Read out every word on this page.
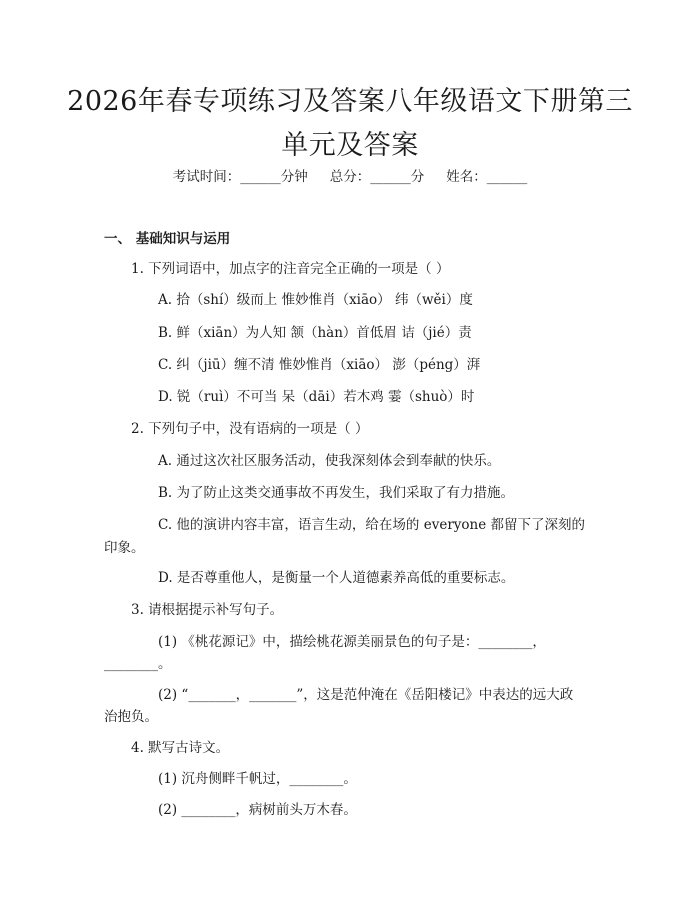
2026年春专项练习及答案八年级语文下册第三单元及答案
考试时间：______分钟 总分：______分 姓名：______
一、 基础知识与运用
1. 下列词语中，加点字的注音完全正确的一项是（ ）
A. 拾（shí）级而上 惟妙惟肖（xiāo） 纬（wěi）度
B. 鲜（xiān）为人知 颔（hàn）首低眉 诘（jié）责
C. 纠（jiū）缠不清 惟妙惟肖（xiāo） 澎（péng）湃
D. 锐（ruì）不可当 呆（dāi）若木鸡 霎（shuò）时
2. 下列句子中，没有语病的一项是（ ）
A. 通过这次社区服务活动，使我深刻体会到奉献的快乐。
B. 为了防止这类交通事故不再发生，我们采取了有力措施。
C. 他的演讲内容丰富，语言生动，给在场的 everyone 都留下了深刻的
印象。
D. 是否尊重他人，是衡量一个人道德素养高低的重要标志。
3. 请根据提示补写句子。
(1) 《桃花源记》中，描绘桃花源美丽景色的句子是：________，
________。
(2) “_______，_______”，这是范仲淹在《岳阳楼记》中表达的远大政
治抱负。
4. 默写古诗文。
(1) 沉舟侧畔千帆过，________。
(2) ________，病树前头万木春。
